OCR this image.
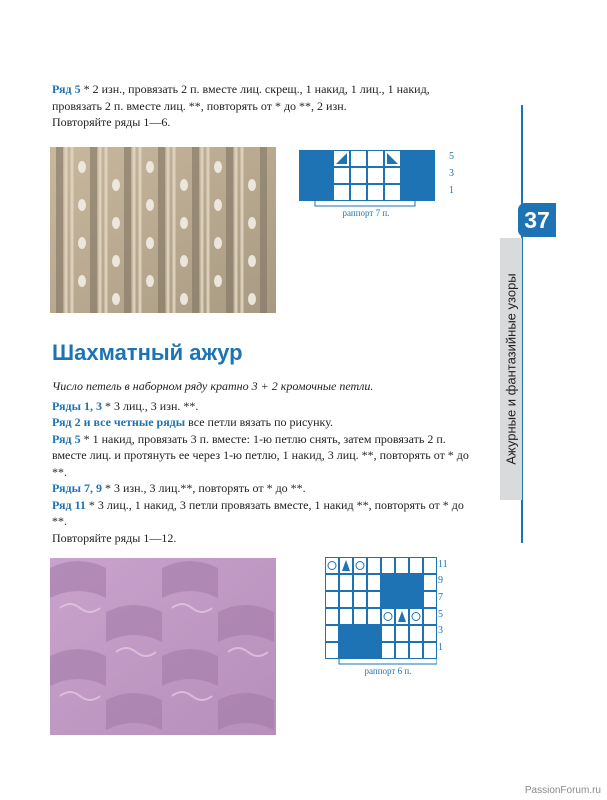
Ряд 5 * 2 изн., провязать 2 п. вместе лиц. скрещ., 1 накид, 1 лиц., 1 накид, провязать 2 п. вместе лиц. **, повторять от * до **, 2 изн.

Повторяйте ряды 1—6.

5
3
1
раппорт 7 п.
Шахматный ажур

Число петель в наборном ряду кратно 3 + 2 кромочные петли.

Ряды 1, 3 * 3 лиц., 3 изн. **.

Ряд 2 и все четные ряды все петли вязать по рисунку.

Ряд 5 * 1 накид, провязать 3 п. вместе: 1-ю петлю снять, затем провязать 2 п. вместе лиц. и протянуть ее через 1-ю петлю, 1 накид, 3 лиц. **, повторять от * до **.

Ряды 7, 9 * 3 изн., 3 лиц.**, повторять от * до **.

Ряд 11 * 3 лиц., 1 накид, 3 петли провязать вместе, 1 накид **, повторять от * до **.

Повторяйте ряды 1—12.

11
9
7
5
3
1
раппорт 6 п.
Ажурные и фантазийные узоры
37
PassionForum.ru
